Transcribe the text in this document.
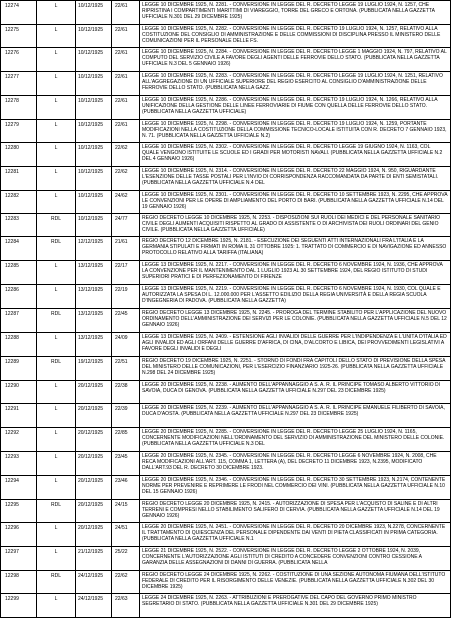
12274	L	10/12/1925	22/61	LEGGE 10 DICEMBRE 1925, N. 2281. - CONVERSIONE IN LEGGE DEL R. DECRETO LEGGE 19 LUGLIO 1924, N. 1257, CHE RIPRISTINA I COMPARTIMENTI MARITTIMI DI VIAREGGIO, TORRE DEL GRECO E ORTONA. (PUBBLICATA NELLA GAZZETTA UFFICIALE N.301 DEL 29 DICEMBRE 1925)

12275	L	10/12/1925	22/61	LEGGE 10 DICEMBRE 1925, N. 2282. - CONVERSIONE IN LEGGE DEL R. DECRETO 19 LUGLIO 1924, N. 1257, RELATIVO ALLA COSTITUZIONE DEL CONSIGLIO DI AMMINISTRAZIONE E DELLE COMMISSIONI DI DISCIPLINA PRESSO IL MINISTERO DELLE COMUNICAZIONI PER IL PERSONALE DELLE FS.

12276	L	10/12/1925	22/61	LEGGE 10 DICEMBRE 1925, N. 2284. - CONVERSIONE IN LEGGE DEL R. DECRETO LEGGE 1 MAGGIO 1924, N. 797, RELATIVO AL COMPUTO DEL SERVIZIO CIVILE A FAVORE DEGLI AGENTI DELLE FERROVIE DELLO STATO. (PUBBLICATA NELLA GAZZETTA UFFICIALE N.3 DEL 5 GENNAIO 1926)

12277	L	10/12/1925	22/61	LEGGE 10 DICEMBRE 1925, N. 2283. - CONVERSIONE IN LEGGE DEL R. DECRETO LEGGE 19 LUGLIO 1924, N. 1251, RELATIVO ALL'AGGREGAZIONE DI UN UFFICIALE SUPERIORE DEL REGIO ESERCITO AL CONSIGLIO D'AMMINISTRAZIONE DELLE FERROVIE DELLO STATO. (PUBBLICATA NELLA GAZZ.

12278	L	10/12/1925	22/61	LEGGE 10 DICEMBRE 1925, N. 2286. - CONVERSIONE IN LEGGE DEL R. DECRETO 19 LUGLIO 1924, N. 1266, RELATIVO ALLA UNIFICAZIONE DELLA GESTIONE DELLE LINEE FERROVIARIE DI FIUME CON QUELLA DELLE FERROVIE DELLO STATO. (PUBBLICATA NELLA GAZZETTA UFFICIALE)

12279	L	10/12/1925	22/61	LEGGE 10 DICEMBRE 1925, N. 2298. - CONVERSIONE IN LEGGE DEL R. DECRETO 19 LUGLIO 1924, N. 1259, PORTANTE MODIFICAZIONI NELLA COSTITUZIONE DELLA COMMISSIONE TECNICO-LOCALE ISTITUITA CON R. DECRETO 7 GENNAIO 1923, N. 71. (PUBBLICATA NELLA GAZZETTA UFFICIALE N.2)

12280	L	10/12/1925	22/62	LEGGE 10 DICEMBRE 1925, N. 2302. - CONVERSIONE IN LEGGE DEL R. DECRETO LEGGE 19 GIUGNO 1924, N. 1163, COL QUALE VENGONO ISTITUITE LE SCUOLE ED I GRADI PER MOTORISTI NAVALI. (PUBBLICATA NELLA GAZZETTA UFFICIALE N.2 DEL 4 GENNAIO 1926)

12281	L	10/12/1925	22/62	LEGGE 10 DICEMBRE 1925, N. 2314. - CONVERSIONE IN LEGGE DEL R. DECRETO 22 MAGGIO 1924, N. 950, RIGUARDANTE L'ESENZIONE DELLE TASSE POSTALI PER L'INVIO DI CORRISPONDENZA RACCOMANDATA DA PARTE DI ENTI SEMISTATALI. (PUBBLICATA NELLA GAZZETTA UFFICIALE N.4 DEL

12282	L	10/12/1925	24/62	LEGGE 10 DICEMBRE 1925, N. 2301. - CONVERSIONE IN LEGGE DEL R. DECRETO 10 SETTEMBRE 1923, N. 2295, CHE APPROVA LE CONVENZIONI PER LE OPERE DI AMPLIAMENTO DEL PORTO DI BARI. (PUBBLICATA NELLA GAZZETTA UFFICIALE N.14 DEL 19 GENNAIO 1926)

12283	RDL	10/12/1925	24/77	REGIO DECRETO LEGGE 10 DICEMBRE 1925, N. 2253. - DISPOSIZIONI SUI RUOLI DEI MEDICI E DEL PERSONALE SANITARIO CIVILE DEGLI AUMENTI ACQUISITI RISPETTO AL GRADO DI ASSISTENTE O DI ARCHIVISTA DEI RUOLI ORDINARI DEL GENIO CIVILE. (PUBBLICATA NELLA GAZZETTA UFFICIALE)

12284	RDL	12/12/1925	21/61	REGIO DECRETO 12 DICEMBRE 1925, N. 2181. - ESECUZIONE DEI SEGUENTI ATTI INTERNAZIONALI FRA L'ITALIA E LA GERMANIA STIPULATI E FIRMATI IN ROMA IL 31 OTTOBRE 1925: 1. TRATTATO DI COMMERCIO E DI NAVIGAZIONE ED ANNESSO PROTOCOLLO RELATIVO ALLA TARIFFA (ITALIANA)

12285	L	13/12/1925	22/17	LEGGE 13 DICEMBRE 1925, N. 2217. - CONVERSIONE IN LEGGE DEL R. DECRETO 6 NOVEMBRE 1924, N. 1936, CHE APPROVA LA CONVENZIONE PER IL MANTENIMENTO DAL 1 LUGLIO 1923 AL 30 SETTEMBRE 1924, DEL REGIO ISTITUTO DI STUDI SUPERIORI PRATICI E DI PERFEZIONAMENTO DI FIRENZE

12286	L	13/12/1925	22/19	LEGGE 13 DICEMBRE 1925, N. 2219. - CONVERSIONE IN LEGGE DEL R. DECRETO 6 NOVEMBRE 1924, N. 1930, COL QUALE È AUTORIZZATA LA SPESA DI L. 12.000.000 PER L'ASSETTO EDILIZIO DELLA REGIA UNIVERSITÀ E DELLA REGIA SCUOLA D'INGEGNERIA DI PADOVA. (PUBBLICATA NELLA GAZZETTA)

12287	RDL	13/12/1925	22/45	REGIO DECRETO LEGGE 13 DICEMBRE 1925, N. 2245. - PROROGA DEL TERMINE STABILITO PER L'APPLICAZIONE DEL NUOVO ORDINAMENTO DELL'AMMINISTRAZIONE DEI SERVIZI PER LE COLONIE. (PUBBLICATA NELLA GAZZETTA UFFICIALE N.5 DEL 12 GENNAIO 1926)

12288	L	13/12/1925	24/09	LEGGE 13 DICEMBRE 1925, N. 2409. - ESTENSIONE AGLI INVALIDI DELLE GUERRE PER L'INDIPENDENZA E L'UNITÀ D'ITALIA ED AGLI INVALIDI ED AGLI ORFANI DELLE GUERRE D'AFRICA, DI CINA, D'ALCORTO E LIBICA, DEI PROVVEDIMENTI LEGISLATIVI A FAVORE DEGLI INVALIDI E DEGLI

12289	RDL	19/12/1925	22/51	REGIO DECRETO 19 DICEMBRE 1925, N. 2251. - STORNO DI FONDI FRA CAPITOLI DELLO STATO DI PREVISIONE DELLA SPESA DEL MINISTERO DELLE COMUNICAZIONI, PER L'ESERCIZIO FINANZIARIO 1925-26. (PUBBLICATA NELLA GAZZETTA UFFICIALE N.298 DEL 24 DICEMBRE 1925)

12290	L	20/12/1925	22/38	LEGGE 20 DICEMBRE 1925, N. 2238. - AUMENTO DELL'APPANNAGGIO A S. A. R. IL PRINCIPE TOMASO ALBERTO VITTORIO DI SAVOIA, DUCA DI GENOVA. (PUBBLICATA NELLA GAZZETTA UFFICIALE N.297 DEL 23 DICEMBRE 1925)

12291	L	20/12/1925	22/39	LEGGE 20 DICEMBRE 1925, N. 2239. - AUMENTO DELL'APPANNAGGIO A S. A. R. IL PRINCIPE EMANUELE FILIBERTO DI SAVOIA, DUCA D'AOSTA. (PUBBLICATA NELLA GAZZETTA UFFICIALE N.297 DEL 23 DICEMBRE 1925)

12292	L	20/12/1925	22/85	LEGGE 20 DICEMBRE 1925, N. 2285. - CONVERSIONE IN LEGGE DEL R. DECRETO LEGGE 25 LUGLIO 1924, N. 1165, CONCERNENTE MODIFICAZIONI NELL'ORDINAMENTO DEL SERVIZIO DI AMMINISTRAZIONE DEL MINISTERO DELLE COLONIE. (PUBBLICATA NELLA GAZZETTA UFFICIALE N.3 DEL

12293	L	20/12/1925	23/45	LEGGE 20 DICEMBRE 1925, N. 2345. - CONVERSIONE IN LEGGE DEL R. DECRETO LEGGE 6 NOVEMBRE 1924, N. 2008, CHE RECA MODIFICAZIONI ALL'ART. 115, COMMA 1, LETTERA (A), DEL DECRETO 11 DICEMBRE 1923, N.2395, MODIFICATO DALL'ART.93 DEL R. DECRETO 30 DICEMBRE 1923.

12294	L	20/12/1925	23/46	LEGGE 20 DICEMBRE 1925, N. 2346. - CONVERSIONE IN LEGGE DEL R. DECRETO 30 SETTEMBRE 1923, N.2174, CONTENENTE NORME PER PREVENIRE E REPRIMERE LE FRODI NEL COMMERCIO DEI VINI. (PUBBLICATA NELLA GAZZETTA UFFICIALE N.10 DEL 15 GENNAIO 1926)

12295	RDL	20/12/1925	24/15	REGIO DECRETO LEGGE 20 DICEMBRE 1925, N. 2415. - AUTORIZZAZIONE DI SPESA PER L'ACQUISTO DI SALINE E DI ALTRI TERRENI E COMPRESI NELLO STABILIMENTO SALIFERO DI CERVIA. (PUBBLICATA NELLA GAZZETTA UFFICIALE N.14 DEL 19 GENNAIO 1926)

12296	L	20/12/1925	24/51	LEGGE 20 DICEMBRE 1925, N. 2451. - CONVERSIONE IN LEGGE DEL R. DECRETO 20 DICEMBRE 1923, N.2278, CONCERNENTE IL TRATTAMENTO DI QUIESCENZA DEL PERSONALE DIPENDENTE DAI VENTI DI PIETA CLASSIFICATI IN PRIMA CATEGORIA. (PUBBLICATA NELLA GAZZETTA UFFICIALE N.1

12297	L	21/12/1925	25/22	LEGGE 21 DICEMBRE 1925, N. 2522. - CONVERSIONE IN LEGGE DEL R. DECRETO LEGGE 2 OTTOBRE 1924, N. 2039, CONCERNENTE L'AUTORIZZAZIONE AGLI ISTITUTI DI CREDITO A CONCEDERE CONVENZIONI CONTRO CESSIONE A GARANZIA DELLE ASSEGNAZIONI DI DANNI DI GUERRA. (PUBBLICATA NELLA

12298	RDL	24/12/1925	22/62	REGIO DECRETO LEGGE 24 DICEMBRE 1925, N. 2262. - COSTITUZIONE DI UNA SEZIONE AUTONOMA FIUMANA DELL'ISTITUTO FEDERALE DI CREDITO PER IL RISORGIMENTO DELLE VENEZIE. (PUBBLICATA NELLA GAZZETTA UFFICIALE N.302 DEL 30 DICEMBRE 1925)

12299	L	24/12/1925	22/63	LEGGE 24 DICEMBRE 1925, N. 2263. - ATTRIBUZIONI E PREROGATIVE DEL CAPO DEL GOVERNO PRIMO MINISTRO SEGRETARIO DI STATO. (PUBBLICATA NELLA GAZZETTA UFFICIALE N.301 DEL 29 DICEMBRE 1925)
